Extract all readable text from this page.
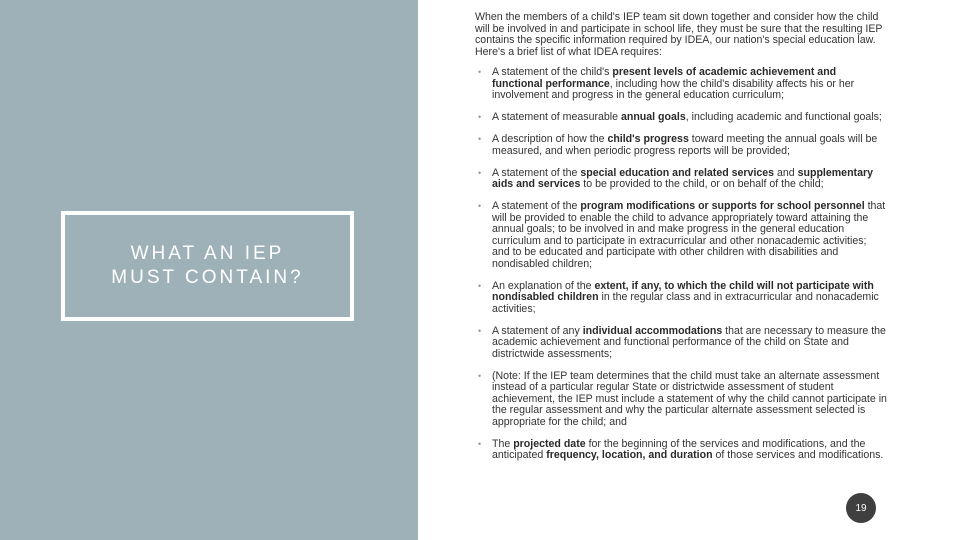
WHAT AN IEP
MUST CONTAIN?

When the members of a child's IEP team sit down together and consider how the child will be involved in and participate in school life, they must be sure that the resulting IEP contains the specific information required by IDEA, our nation's special education law. Here's a brief list of what IDEA requires:

• A statement of the child's present levels of academic achievement and functional performance, including how the child's disability affects his or her involvement and progress in the general education curriculum;
• A statement of measurable annual goals, including academic and functional goals;
• A description of how the child's progress toward meeting the annual goals will be measured, and when periodic progress reports will be provided;
• A statement of the special education and related services and supplementary aids and services to be provided to the child, or on behalf of the child;
• A statement of the program modifications or supports for school personnel that will be provided to enable the child to advance appropriately toward attaining the annual goals; to be involved in and make progress in the general education curriculum and to participate in extracurricular and other nonacademic activities; and to be educated and participate with other children with disabilities and nondisabled children;
• An explanation of the extent, if any, to which the child will not participate with nondisabled children in the regular class and in extracurricular and nonacademic activities;
• A statement of any individual accommodations that are necessary to measure the academic achievement and functional performance of the child on State and districtwide assessments;
• (Note: If the IEP team determines that the child must take an alternate assessment instead of a particular regular State or districtwide assessment of student achievement, the IEP must include a statement of why the child cannot participate in the regular assessment and why the particular alternate assessment selected is appropriate for the child; and
• The projected date for the beginning of the services and modifications, and the anticipated frequency, location, and duration of those services and modifications.
19
